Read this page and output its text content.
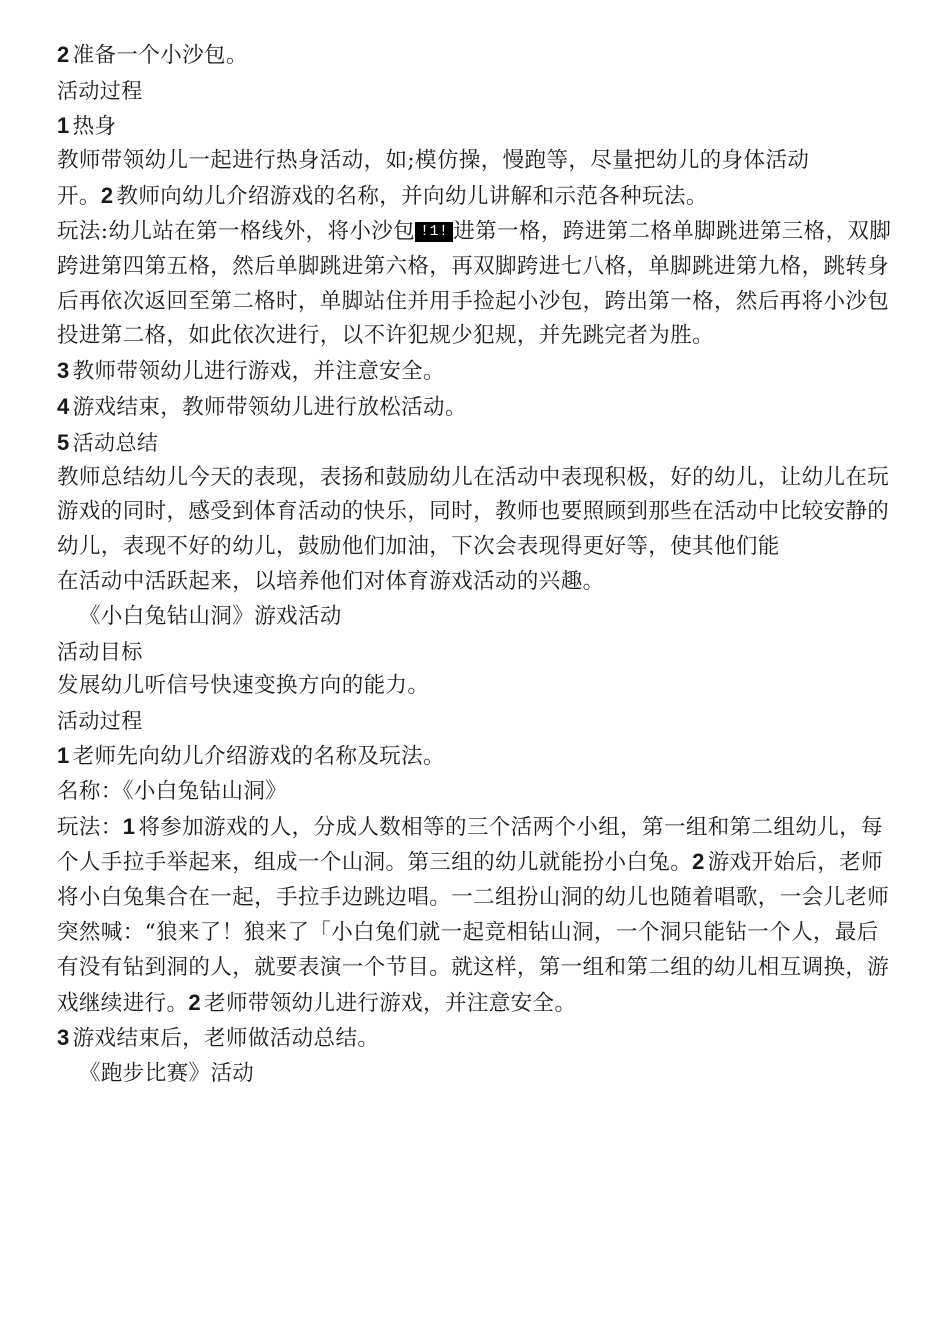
2 准备一个小沙包。
活动过程
1 热身
教师带领幼儿一起进行热身活动，如;模仿操，慢跑等，尽量把幼儿的身体活动
开。2 教师向幼儿介绍游戏的名称，并向幼儿讲解和示范各种玩法。
玩法:幼儿站在第一格线外，将小沙包 !1! 进第一格，跨进第二格单脚跳进第三格，双脚跨进第四第五格，然后单脚跳进第六格，再双脚跨进七八格，单脚跳进第九格，跳转身后再依次返回至第二格时，单脚站住并用手捡起小沙包，跨出第一格，然后再将小沙包投进第二格，如此依次进行，以不许犯规少犯规，并先跳完者为胜。
3 教师带领幼儿进行游戏，并注意安全。
4 游戏结束，教师带领幼儿进行放松活动。
5 活动总结
教师总结幼儿今天的表现，表扬和鼓励幼儿在活动中表现积极，好的幼儿，让幼儿在玩游戏的同时，感受到体育活动的快乐，同时，教师也要照顾到那些在活动中比较安静的幼儿，表现不好的幼儿，鼓励他们加油，下次会表现得更好等，使其他们能
在活动中活跃起来，以培养他们对体育游戏活动的兴趣。
《小白兔钻山洞》游戏活动
活动目标
发展幼儿听信号快速变换方向的能力。
活动过程
1 老师先向幼儿介绍游戏的名称及玩法。
名称：《小白兔钻山洞》
玩法：1 将参加游戏的人，分成人数相等的三个活两个小组，第一组和第二组幼儿，每个人手拉手举起来，组成一个山洞。第三组的幼儿就能扮小白兔。2 游戏开始后，老师将小白兔集合在一起，手拉手边跳边唱。一二组扮山洞的幼儿也随着唱歌，一会儿老师突然喊：“狼来了！狼来了「小白兔们就一起竞相钻山洞，一个洞只能钻一个人，最后有没有钻到洞的人，就要表演一个节目。就这样，第一组和第二组的幼儿相互调换，游戏继续进行。2 老师带领幼儿进行游戏，并注意安全。
3 游戏结束后，老师做活动总结。
《跑步比赛》活动
